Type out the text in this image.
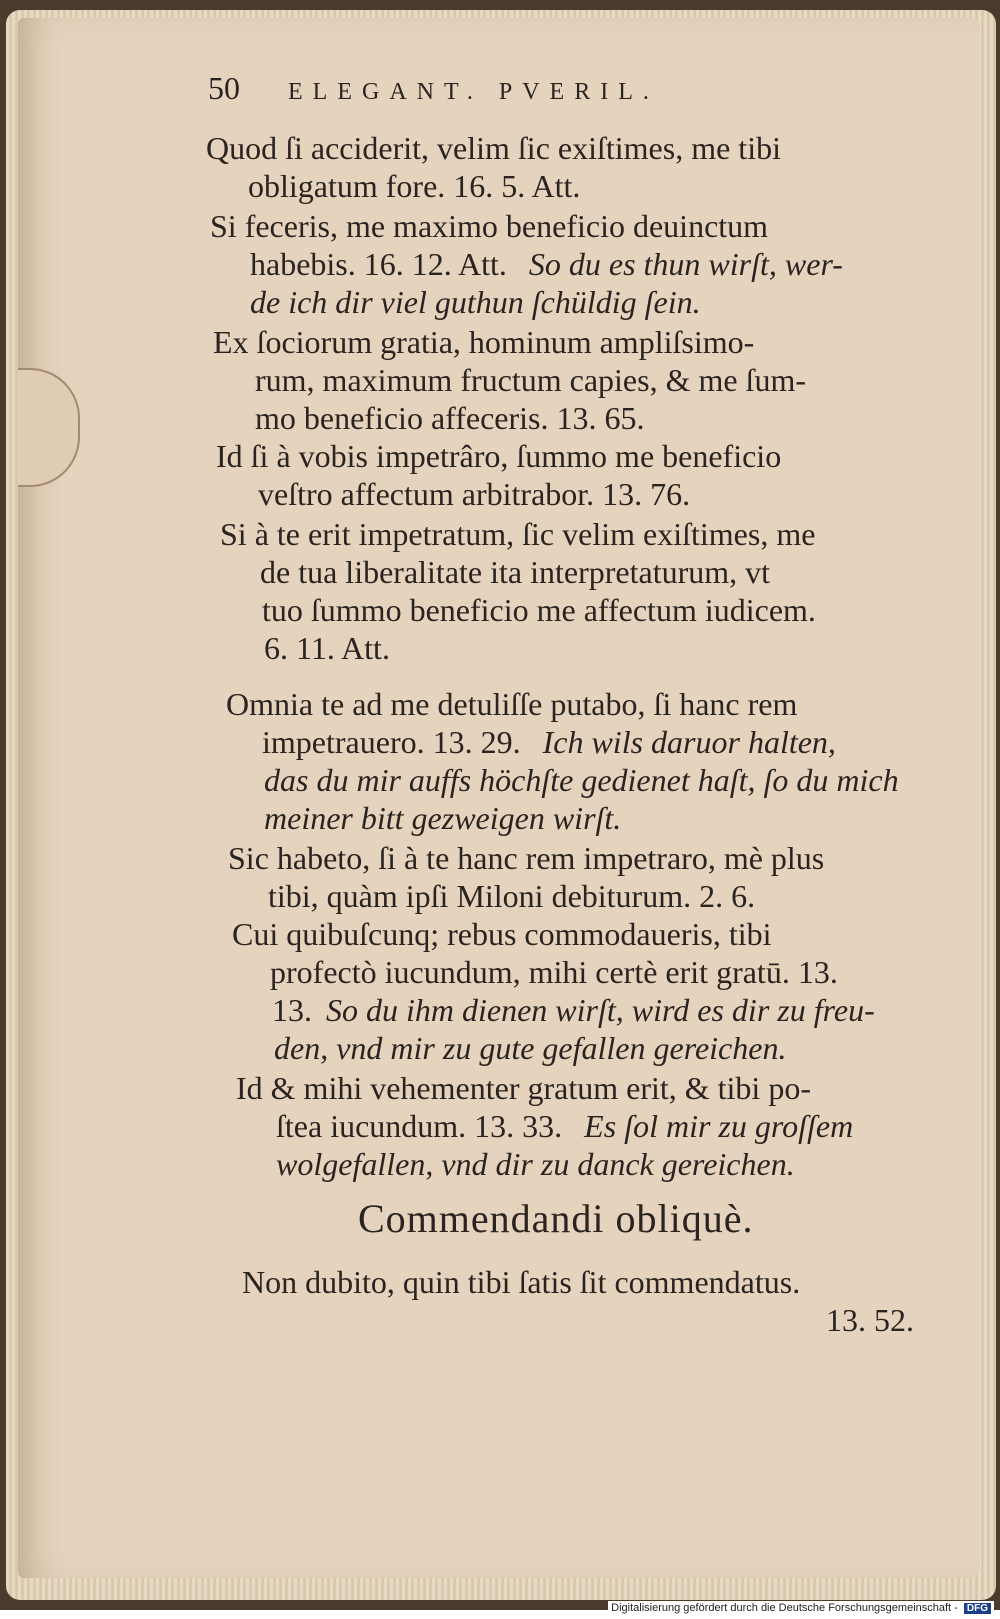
50 ELEGANT. PVERIL.
Quod ſi acciderit, velim ſic exiſtimes, me tibi
obligatum fore. 16. 5. Att.
Si feceris, me maximo beneficio deuinctum
habebis. 16. 12. Att. So du es thun wirſt, wer-
de ich dir viel guthun ſchüldig ſein.
Ex ſociorum gratia, hominum ampliſsimo-
rum, maximum fructum capies, & me ſum-
mo beneficio affeceris. 13. 65.
Id ſi à vobis impetrâro, ſummo me beneficio
veſtro affectum arbitrabor. 13. 76.
Si à te erit impetratum, ſic velim exiſtimes, me
de tua liberalitate ita interpretaturum, vt
tuo ſummo beneficio me affectum iudicem.
6. 11. Att.
Omnia te ad me detuliſſe putabo, ſi hanc rem
impetrauero. 13. 29. Ich wils daruor halten,
das du mir auffs höchſte gedienet haſt, ſo du mich
meiner bitt gezweigen wirſt.
Sic habeto, ſi à te hanc rem impetraro, mè plus
tibi, quàm ipſi Miloni debiturum. 2. 6.
Cui quibuſcunq; rebus commodaueris, tibi
profectò iucundum, mihi certè erit gratū. 13.
13. So du ihm dienen wirſt, wird es dir zu freu-
den, vnd mir zu gute gefallen gereichen.
Id & mihi vehementer gratum erit, & tibi po-
ſtea iucundum. 13. 33. Es ſol mir zu groſſem
wolgefallen, vnd dir zu danck gereichen.
Commendandi obliquè.
Non dubito, quin tibi ſatis ſit commendatus.
13. 52.
Digitalisierung gefördert durch die Deutsche Forschungsgemeinschaft - DFG
